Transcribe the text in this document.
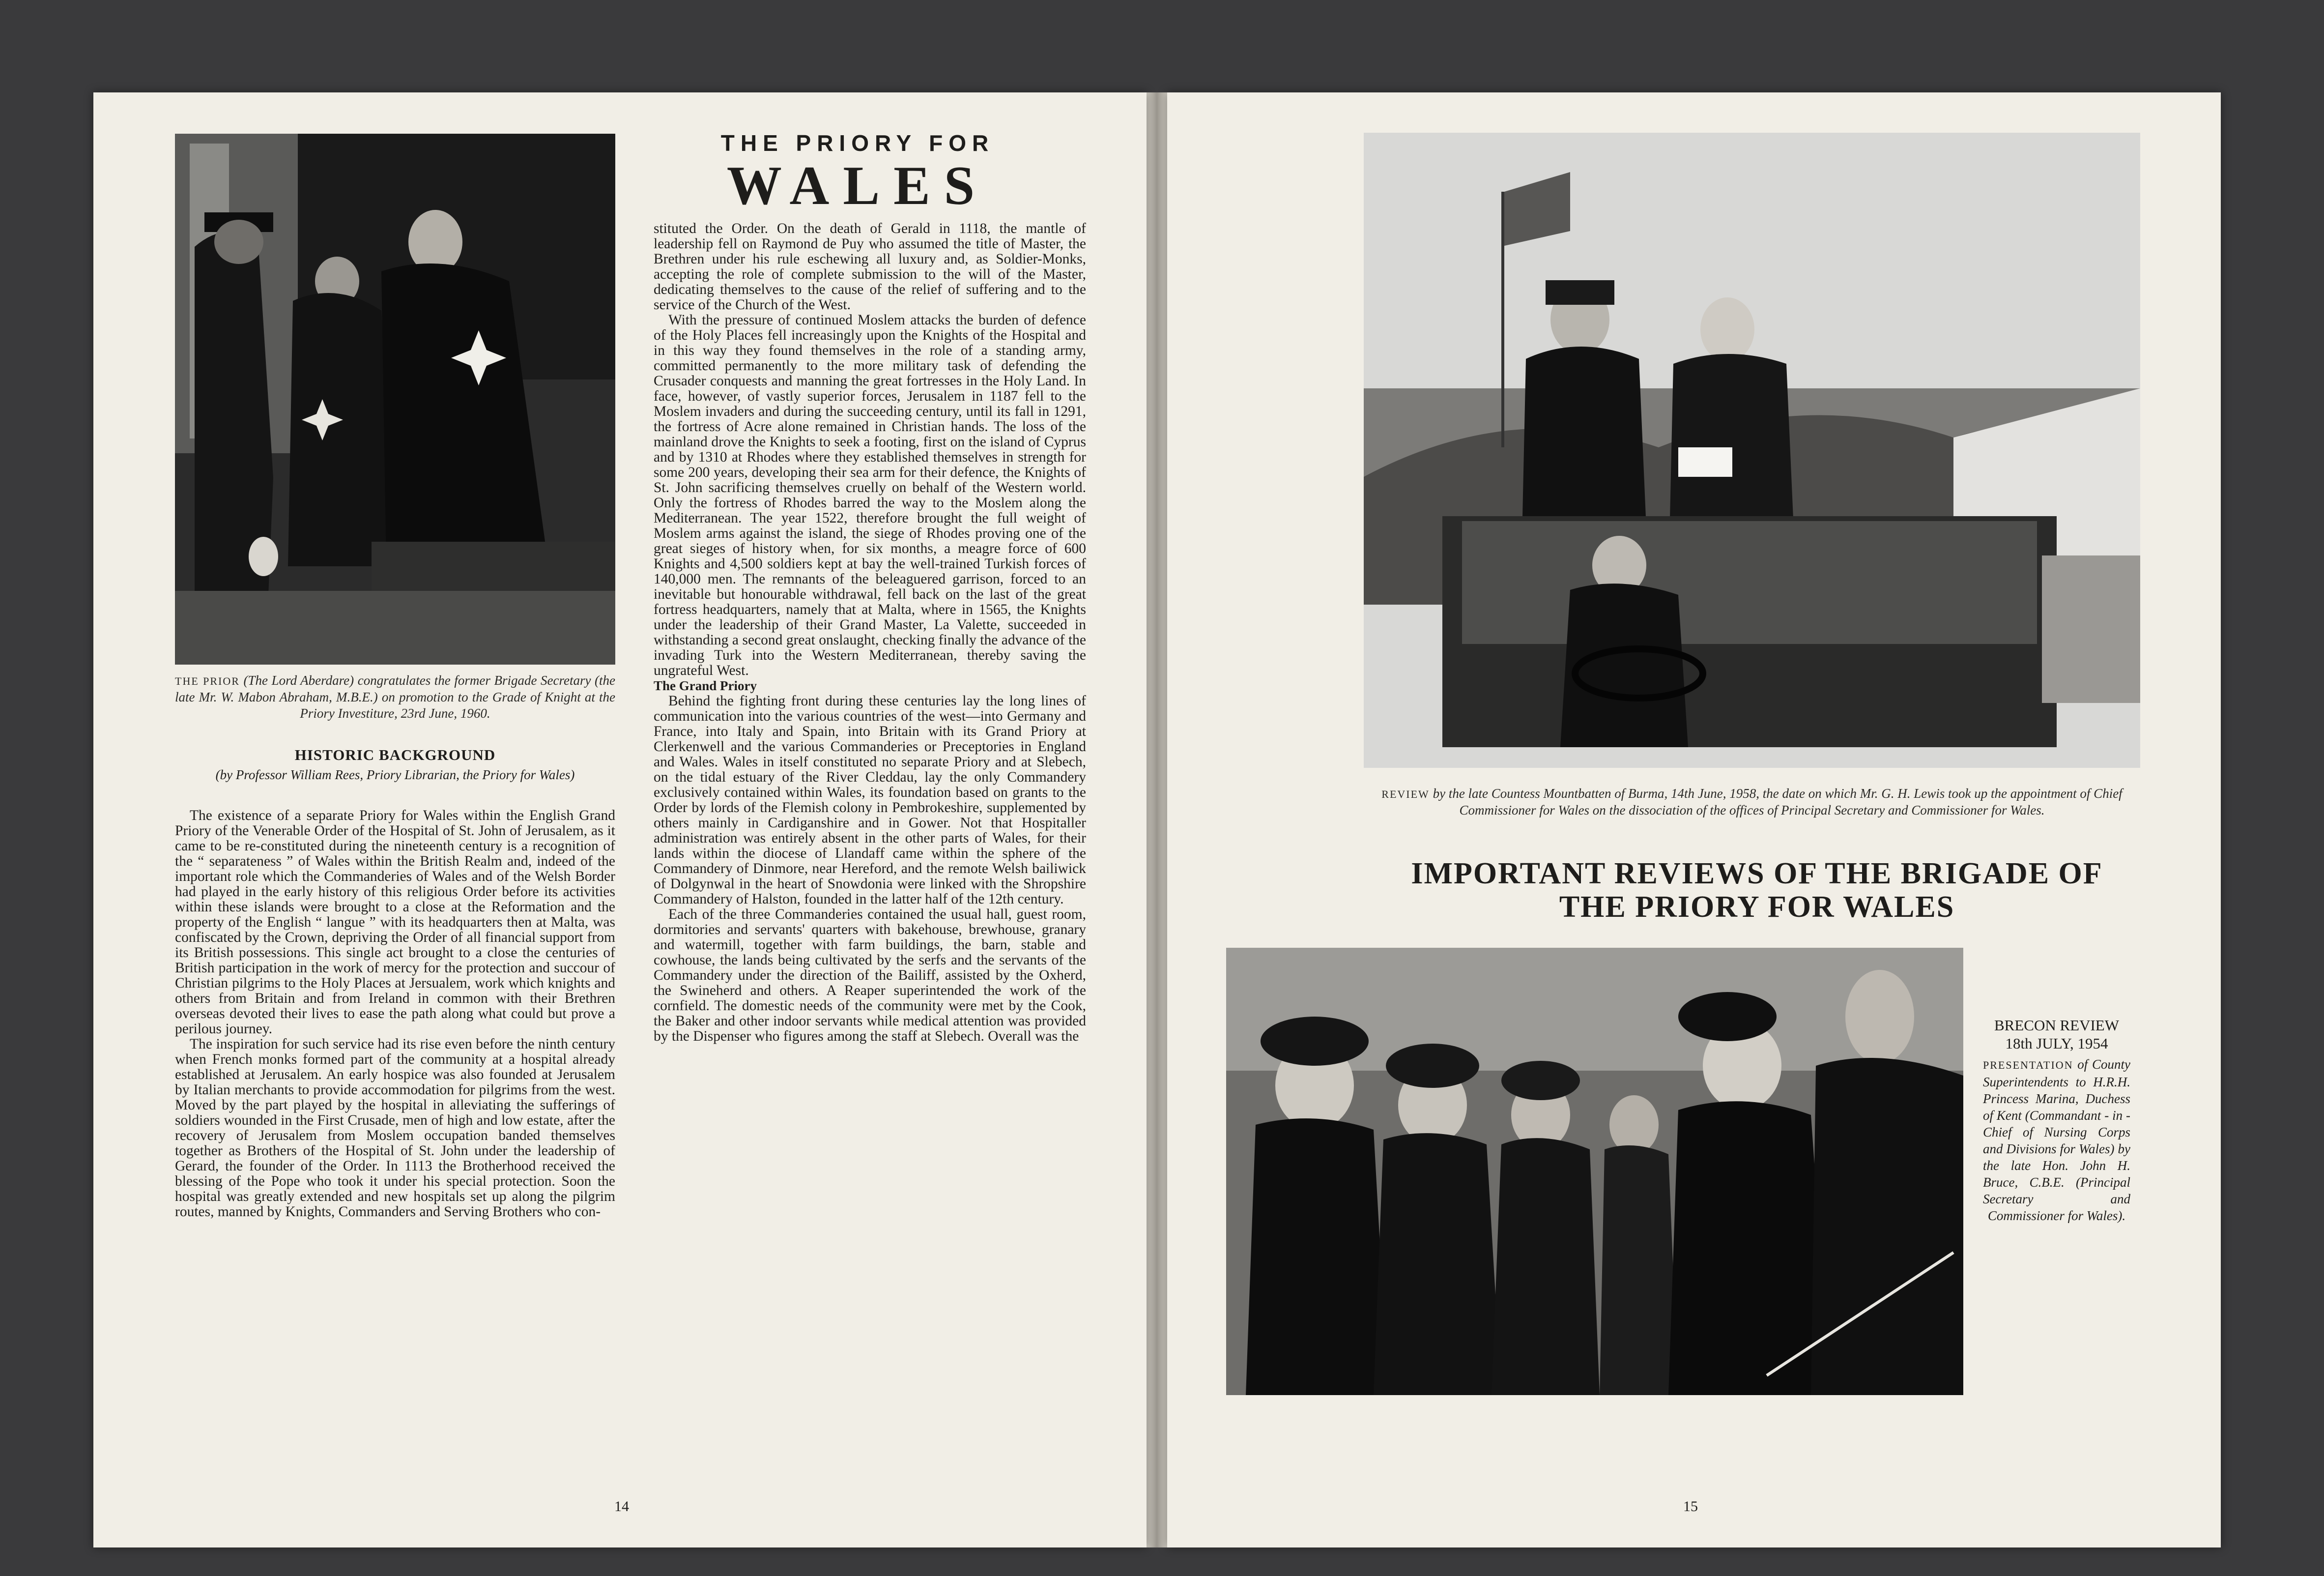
THE PRIOR (The Lord Aberdare) congratulates the former Brigade Secretary (the late Mr. W. Mabon Abraham, M.B.E.) on promotion to the Grade of Knight at the Priory Investiture, 23rd June, 1960.
HISTORIC BACKGROUND
(by Professor William Rees, Priory Librarian, the Priory for Wales)

The existence of a separate Priory for Wales within the English Grand Priory of the Venerable Order of the Hospital of St. John of Jerusalem, as it came to be re-constituted during the nineteenth century is a recognition of the “ separateness ” of Wales within the British Realm and, indeed of the important role which the Commanderies of Wales and of the Welsh Border had played in the early history of this religious Order before its activities within these islands were brought to a close at the Reformation and the property of the English “ langue ” with its headquarters then at Malta, was confiscated by the Crown, depriving the Order of all financial support from its British possessions. This single act brought to a close the centuries of British participation in the work of mercy for the protection and succour of Christian pilgrims to the Holy Places at Jersualem, work which knights and others from Britain and from Ireland in common with their Brethren overseas devoted their lives to ease the path along what could but prove a perilous journey.

The inspiration for such service had its rise even before the ninth century when French monks formed part of the community at a hospital already established at Jerusalem. An early hospice was also founded at Jerusalem by Italian merchants to provide accommodation for pilgrims from the west. Moved by the part played by the hospital in alleviating the sufferings of soldiers wounded in the First Crusade, men of high and low estate, after the recovery of Jerusalem from Moslem occupation banded themselves together as Brothers of the Hospital of St. John under the leadership of Gerard, the founder of the Order. In 1113 the Brotherhood received the blessing of the Pope who took it under his special protection. Soon the hospital was greatly extended and new hospitals set up along the pilgrim routes, manned by Knights, Commanders and Serving Brothers who con-

THE PRIORY FOR
WALES

stituted the Order. On the death of Gerald in 1118, the mantle of leadership fell on Raymond de Puy who assumed the title of Master, the Brethren under his rule eschewing all luxury and, as Soldier-Monks, accepting the role of complete submission to the will of the Master, dedicating themselves to the cause of the relief of suffering and to the service of the Church of the West.

With the pressure of continued Moslem attacks the burden of defence of the Holy Places fell increasingly upon the Knights of the Hospital and in this way they found themselves in the role of a standing army, committed permanently to the more military task of defending the Crusader conquests and manning the great fortresses in the Holy Land. In face, however, of vastly superior forces, Jerusalem in 1187 fell to the Moslem invaders and during the succeeding century, until its fall in 1291, the fortress of Acre alone remained in Christian hands. The loss of the mainland drove the Knights to seek a footing, first on the island of Cyprus and by 1310 at Rhodes where they established themselves in strength for some 200 years, developing their sea arm for their defence, the Knights of St. John sacrificing themselves cruelly on behalf of the Western world. Only the fortress of Rhodes barred the way to the Moslem along the Mediterranean. The year 1522, therefore brought the full weight of Moslem arms against the island, the siege of Rhodes proving one of the great sieges of history when, for six months, a meagre force of 600 Knights and 4,500 soldiers kept at bay the well-trained Turkish forces of 140,000 men. The remnants of the beleaguered garrison, forced to an inevitable but honourable withdrawal, fell back on the last of the great fortress headquarters, namely that at Malta, where in 1565, the Knights under the leadership of their Grand Master, La Valette, succeeded in withstanding a second great onslaught, checking finally the advance of the invading Turk into the Western Mediterranean, thereby saving the ungrateful West.

The Grand Priory

Behind the fighting front during these centuries lay the long lines of communication into the various countries of the west—into Germany and France, into Italy and Spain, into Britain with its Grand Priory at Clerkenwell and the various Commanderies or Preceptories in England and Wales. Wales in itself constituted no separate Priory and at Slebech, on the tidal estuary of the River Cleddau, lay the only Commandery exclusively contained within Wales, its foundation based on grants to the Order by lords of the Flemish colony in Pembrokeshire, supplemented by others mainly in Cardiganshire and in Gower. Not that Hospitaller administration was entirely absent in the other parts of Wales, for their lands within the diocese of Llandaff came within the sphere of the Commandery of Dinmore, near Hereford, and the remote Welsh bailiwick of Dolgynwal in the heart of Snowdonia were linked with the Shropshire Commandery of Halston, founded in the latter half of the 12th century.

Each of the three Commanderies contained the usual hall, guest room, dormitories and servants' quarters with bakehouse, brewhouse, granary and watermill, together with farm buildings, the barn, stable and cowhouse, the lands being cultivated by the serfs and the servants of the Commandery under the direction of the Bailiff, assisted by the Oxherd, the Swineherd and others. A Reaper superintended the work of the cornfield. The domestic needs of the community were met by the Cook, the Baker and other indoor servants while medical attention was provided by the Dispenser who figures among the staff at Slebech. Overall was the

14
REVIEW by the late Countess Mountbatten of Burma, 14th June, 1958, the date on which Mr. G. H. Lewis took up the appointment of Chief Commissioner for Wales on the dissociation of the offices of Principal Secretary and Commissioner for Wales.
IMPORTANT REVIEWS OF THE BRIGADE OF
THE PRIORY FOR WALES
BRECON REVIEW
18th JULY, 1954
PRESENTATION of County Superintendents to H.R.H. Princess Marina, Duchess of Kent (Commandant - in - Chief of Nursing Corps and Divisions for Wales) by the late Hon. John H. Bruce, C.B.E. (Principal Secretary and Commissioner for Wales).
15
